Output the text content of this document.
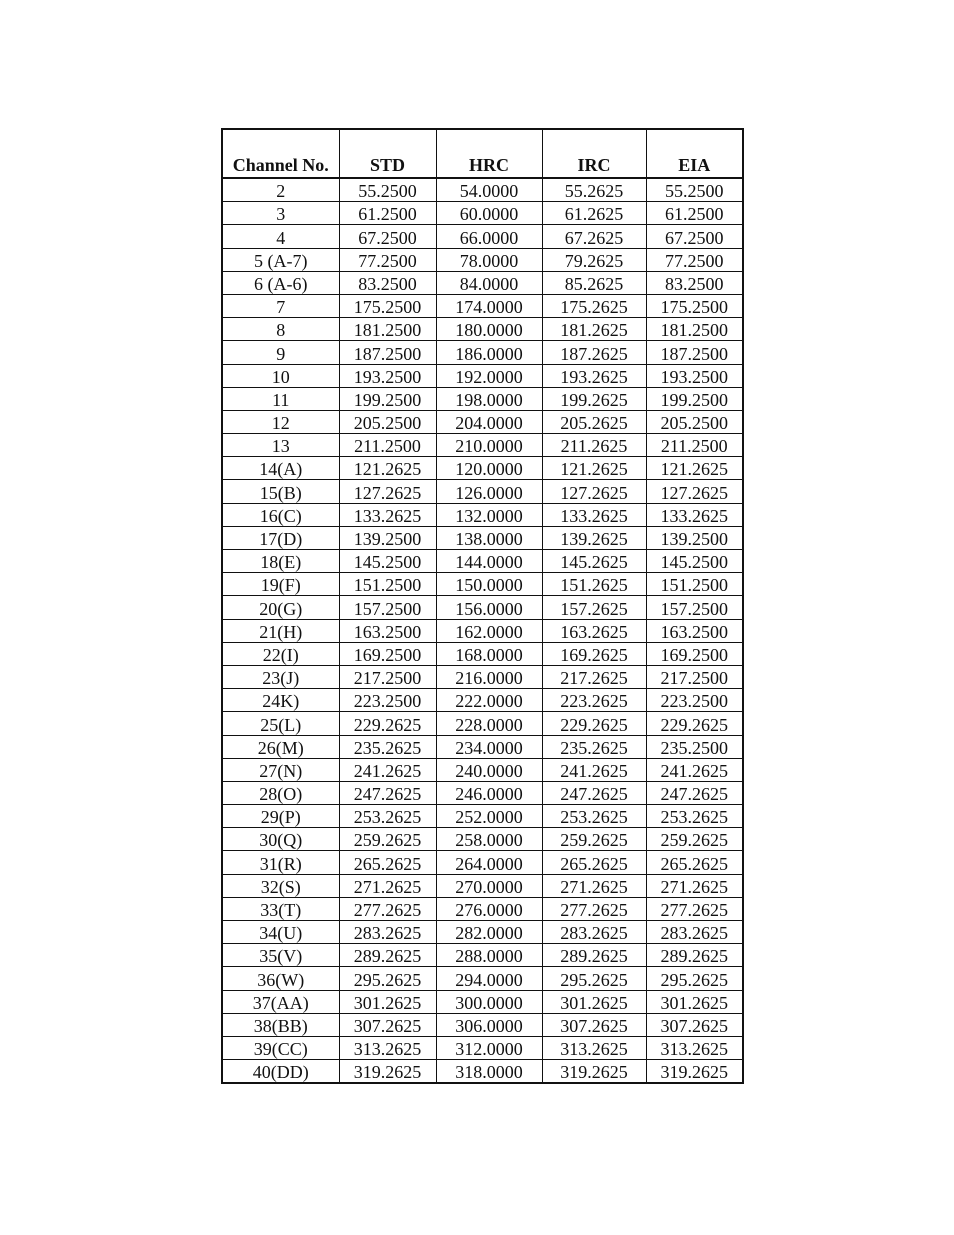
Channel No.	STD	HRC	IRC	EIA
2	55.2500	54.0000	55.2625	55.2500
3	61.2500	60.0000	61.2625	61.2500
4	67.2500	66.0000	67.2625	67.2500
5 (A-7)	77.2500	78.0000	79.2625	77.2500
6 (A-6)	83.2500	84.0000	85.2625	83.2500
7	175.2500	174.0000	175.2625	175.2500
8	181.2500	180.0000	181.2625	181.2500
9	187.2500	186.0000	187.2625	187.2500
10	193.2500	192.0000	193.2625	193.2500
11	199.2500	198.0000	199.2625	199.2500
12	205.2500	204.0000	205.2625	205.2500
13	211.2500	210.0000	211.2625	211.2500
14(A)	121.2625	120.0000	121.2625	121.2625
15(B)	127.2625	126.0000	127.2625	127.2625
16(C)	133.2625	132.0000	133.2625	133.2625
17(D)	139.2500	138.0000	139.2625	139.2500
18(E)	145.2500	144.0000	145.2625	145.2500
19(F)	151.2500	150.0000	151.2625	151.2500
20(G)	157.2500	156.0000	157.2625	157.2500
21(H)	163.2500	162.0000	163.2625	163.2500
22(I)	169.2500	168.0000	169.2625	169.2500
23(J)	217.2500	216.0000	217.2625	217.2500
24K)	223.2500	222.0000	223.2625	223.2500
25(L)	229.2625	228.0000	229.2625	229.2625
26(M)	235.2625	234.0000	235.2625	235.2500
27(N)	241.2625	240.0000	241.2625	241.2625
28(O)	247.2625	246.0000	247.2625	247.2625
29(P)	253.2625	252.0000	253.2625	253.2625
30(Q)	259.2625	258.0000	259.2625	259.2625
31(R)	265.2625	264.0000	265.2625	265.2625
32(S)	271.2625	270.0000	271.2625	271.2625
33(T)	277.2625	276.0000	277.2625	277.2625
34(U)	283.2625	282.0000	283.2625	283.2625
35(V)	289.2625	288.0000	289.2625	289.2625
36(W)	295.2625	294.0000	295.2625	295.2625
37(AA)	301.2625	300.0000	301.2625	301.2625
38(BB)	307.2625	306.0000	307.2625	307.2625
39(CC)	313.2625	312.0000	313.2625	313.2625
40(DD)	319.2625	318.0000	319.2625	319.2625
